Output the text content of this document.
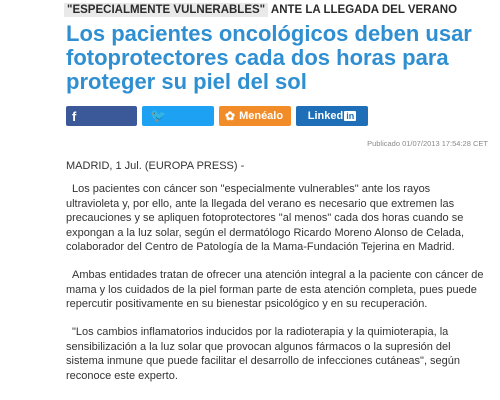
"ESPECIALMENTE VULNERABLES" ANTE LA LLEGADA DEL VERANO
Los pacientes oncológicos deben usar fotoprotectores cada dos horas para proteger su piel del sol
f	🐦	✿ Menéalo Linked in
Publicado 01/07/2013 17:54:28 CET

MADRID, 1 Jul. (EUROPA PRESS) -

Los pacientes con cáncer son "especialmente vulnerables" ante los rayos ultravioleta y, por ello, ante la llegada del verano es necesario que extremen las precauciones y se apliquen fotoprotectores "al menos" cada dos horas cuando se expongan a la luz solar, según el dermatólogo Ricardo Moreno Alonso de Celada, colaborador del Centro de Patología de la Mama-Fundación Tejerina en Madrid.

Ambas entidades tratan de ofrecer una atención integral a la paciente con cáncer de mama y los cuidados de la piel forman parte de esta atención completa, pues puede repercutir positivamente en su bienestar psicológico y en su recuperación.

"Los cambios inflamatorios inducidos por la radioterapia y la quimioterapia, la sensibilización a la luz solar que provocan algunos fármacos o la supresión del sistema inmune que puede facilitar el desarrollo de infecciones cutáneas", según reconoce este experto.
